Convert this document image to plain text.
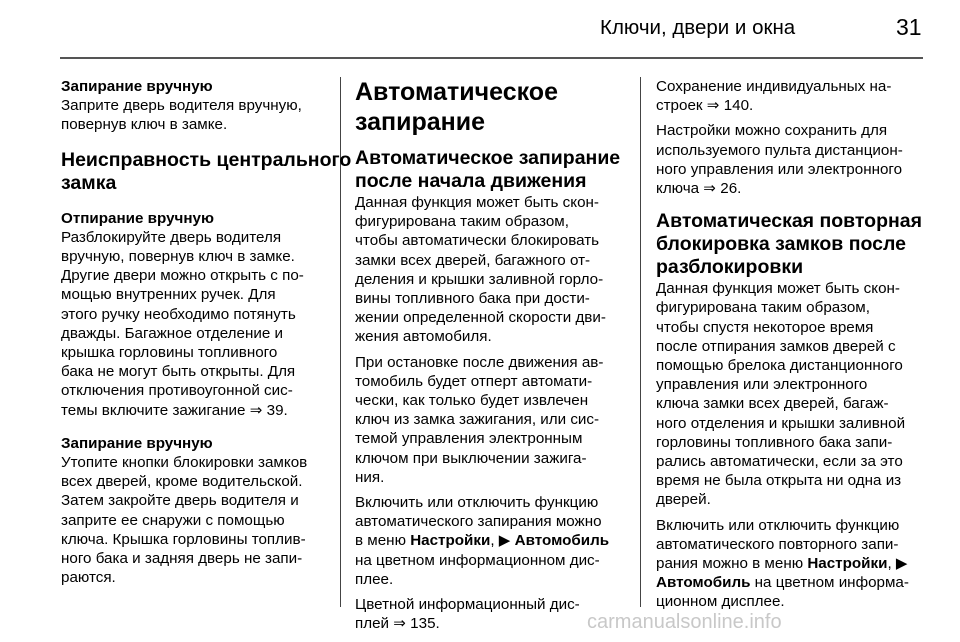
Ключи, двери и окна	31
Запирание вручную
Заприте дверь водителя вручную,
повернув ключ в замке.
Неисправность центрального
замка
Отпирание вручную
Разблокируйте дверь водителя
вручную, повернув ключ в замке.
Другие двери можно открыть с по-
мощью внутренних ручек. Для
этого ручку необходимо потянуть
дважды. Багажное отделение и
крышка горловины топливного
бака не могут быть открыты. Для
отключения противоугонной сис-
темы включите зажигание ⇒ 39.
Запирание вручную
Утопите кнопки блокировки замков
всех дверей, кроме водительской.
Затем закройте дверь водителя и
заприте ее снаружи с помощью
ключа. Крышка горловины топлив-
ного бака и задняя дверь не запи-
раются.
Автоматическое
запирание
Автоматическое запирание
после начала движения
Данная функция может быть скон-
фигурирована таким образом,
чтобы автоматически блокировать
замки всех дверей, багажного от-
деления и крышки заливной горло-
вины топливного бака при дости-
жении определенной скорости дви-
жения автомобиля.
При остановке после движения ав-
томобиль будет отперт автомати-
чески, как только будет извлечен
ключ из замка зажигания, или сис-
темой управления электронным
ключом при выключении зажига-
ния.
Включить или отключить функцию
автоматического запирания можно
в меню Настройки, ▶ Автомобиль
на цветном информационном дис-
плее.
Цветной информационный дис-
плей ⇒ 135.
Сохранение индивидуальных на-
строек ⇒ 140.
Настройки можно сохранить для
используемого пульта дистанцион-
ного управления или электронного
ключа ⇒ 26.
Автоматическая повторная
блокировка замков после
разблокировки
Данная функция может быть скон-
фигурирована таким образом,
чтобы спустя некоторое время
после отпирания замков дверей с
помощью брелока дистанционного
управления или электронного
ключа замки всех дверей, багаж-
ного отделения и крышки заливной
горловины топливного бака запи-
рались автоматически, если за это
время не была открыта ни одна из
дверей.
Включить или отключить функцию
автоматического повторного запи-
рания можно в меню Настройки, ▶
Автомобиль на цветном информа-
ционном дисплее.
carmanualsonline.info
